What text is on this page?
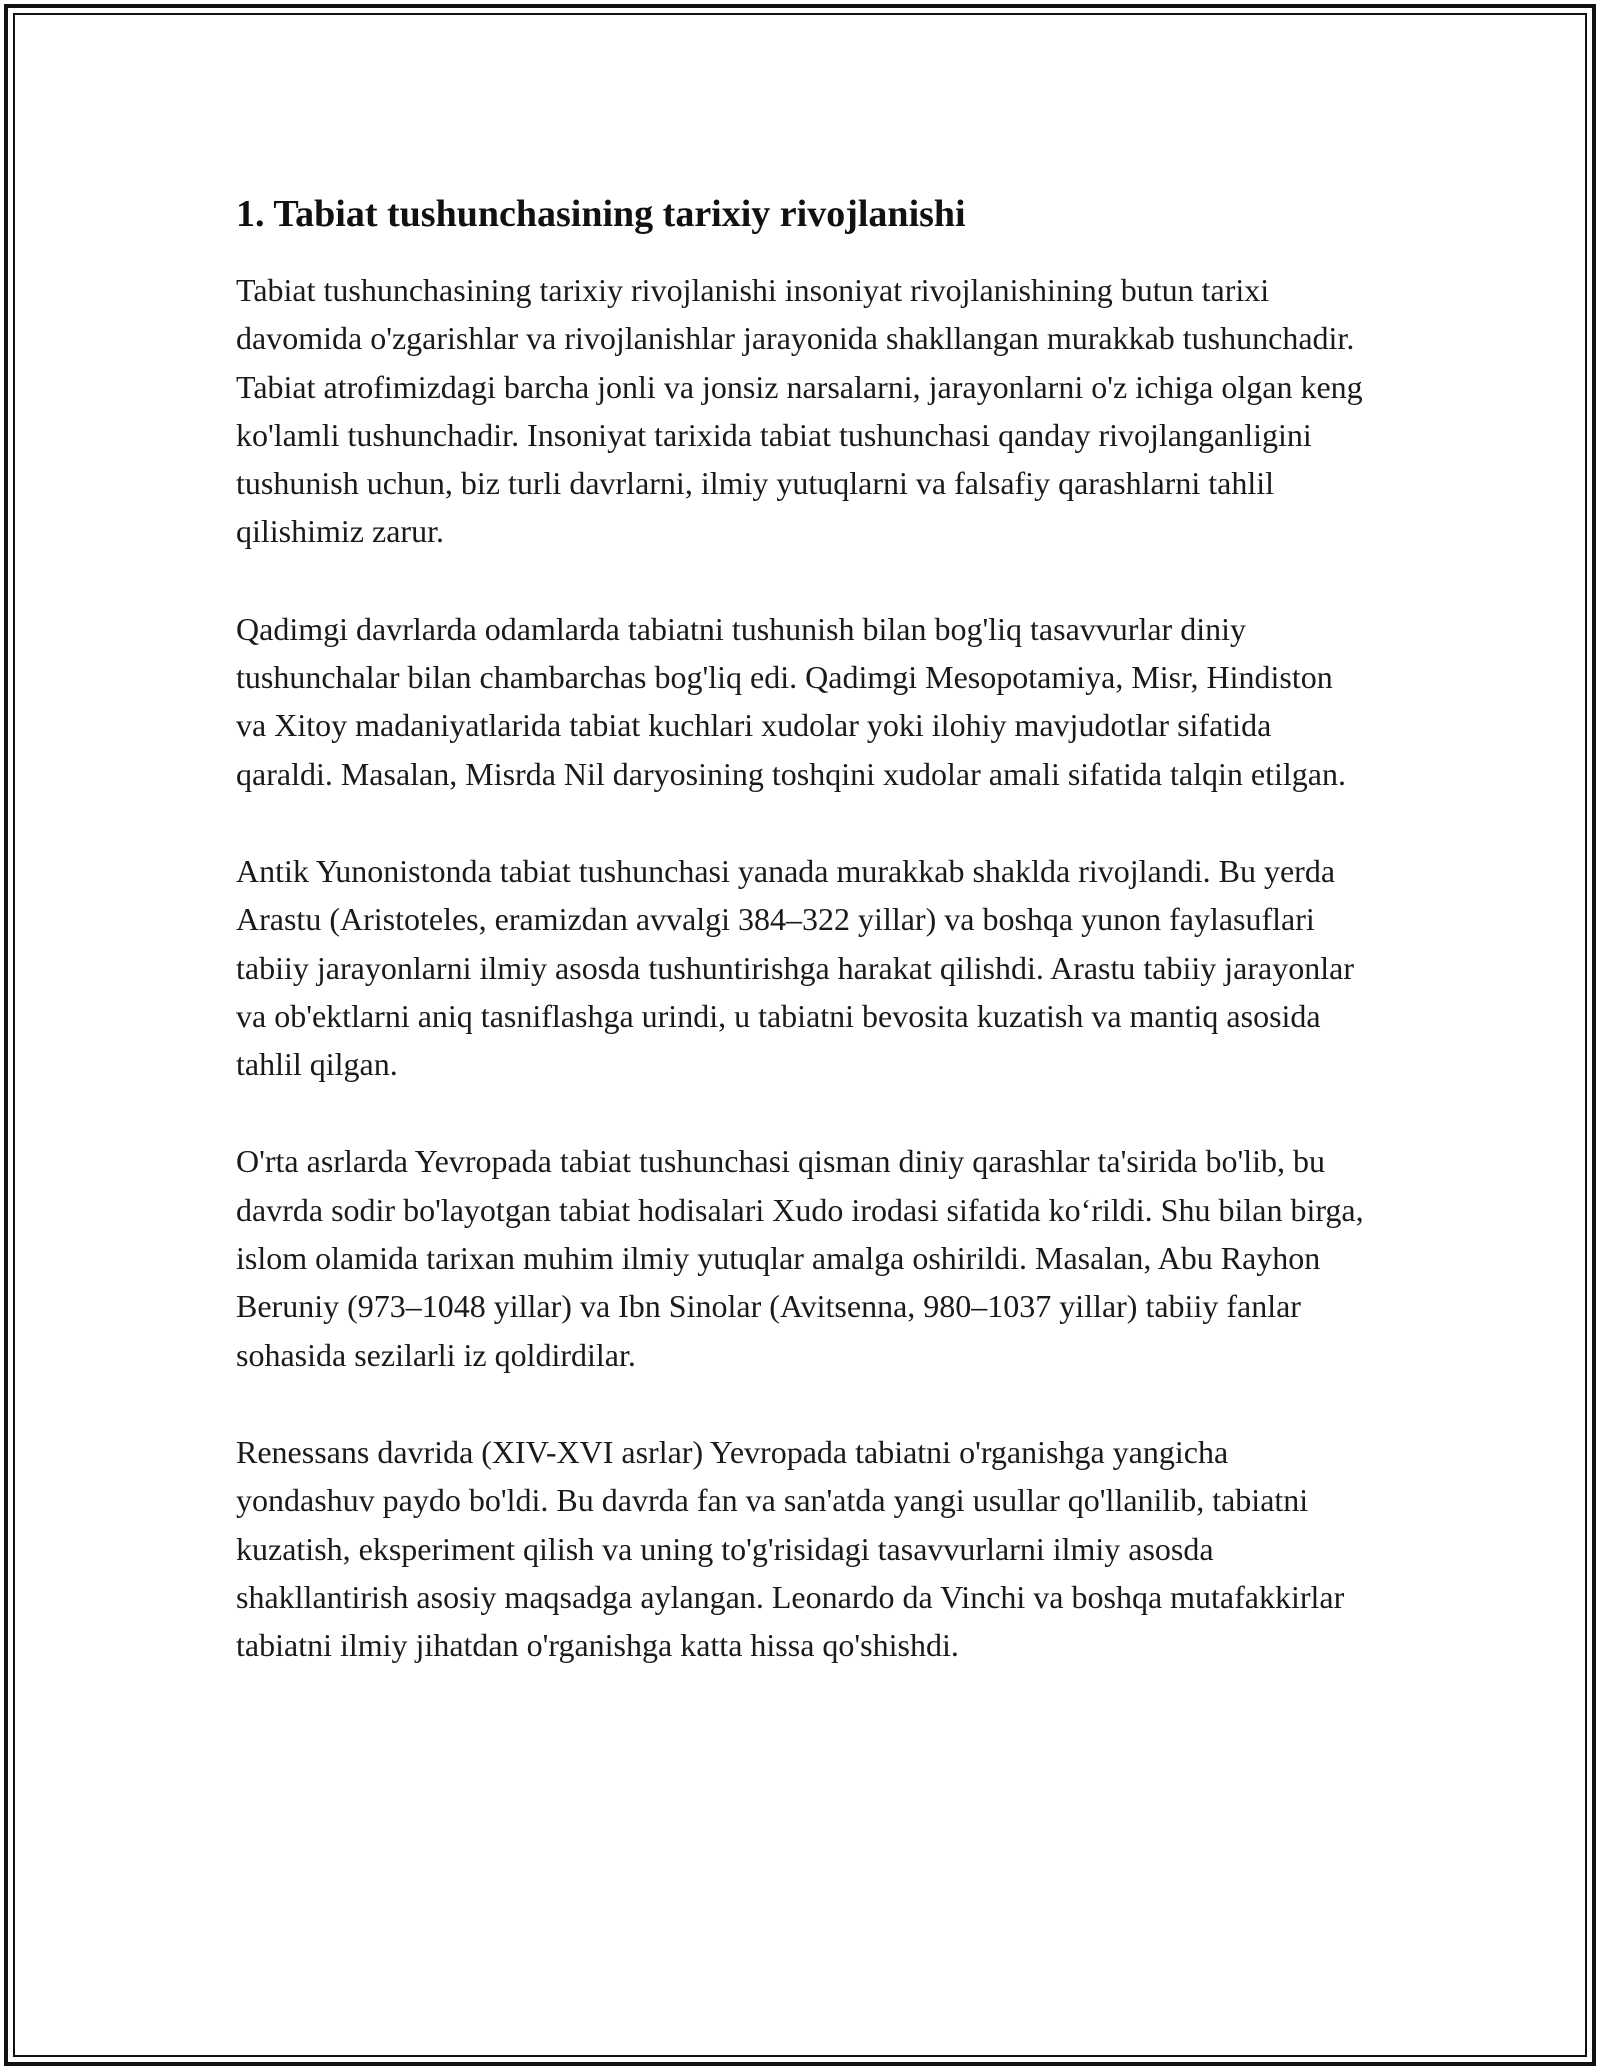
1. Tabiat tushunchasining tarixiy rivojlanishi

Tabiat tushunchasining tarixiy rivojlanishi insoniyat rivojlanishining butun tarixi davomida o'zgarishlar va rivojlanishlar jarayonida shakllangan murakkab tushunchadir. Tabiat atrofimizdagi barcha jonli va jonsiz narsalarni, jarayonlarni o'z ichiga olgan keng ko'lamli tushunchadir. Insoniyat tarixida tabiat tushunchasi qanday rivojlanganligini tushunish uchun, biz turli davrlarni, ilmiy yutuqlarni va falsafiy qarashlarni tahlil qilishimiz zarur.

Qadimgi davrlarda odamlarda tabiatni tushunish bilan bog'liq tasavvurlar diniy tushunchalar bilan chambarchas bog'liq edi. Qadimgi Mesopotamiya, Misr, Hindiston va Xitoy madaniyatlarida tabiat kuchlari xudolar yoki ilohiy mavjudotlar sifatida qaraldi. Masalan, Misrda Nil daryosining toshqini xudolar amali sifatida talqin etilgan.

Antik Yunonistonda tabiat tushunchasi yanada murakkab shaklda rivojlandi. Bu yerda Arastu (Aristoteles, eramizdan avvalgi 384–322 yillar) va boshqa yunon faylasuflari tabiiy jarayonlarni ilmiy asosda tushuntirishga harakat qilishdi. Arastu tabiiy jarayonlar va ob'ektlarni aniq tasniflashga urindi, u tabiatni bevosita kuzatish va mantiq asosida tahlil qilgan.

O'rta asrlarda Yevropada tabiat tushunchasi qisman diniy qarashlar ta'sirida bo'lib, bu davrda sodir bo'layotgan tabiat hodisalari Xudo irodasi sifatida ko‘rildi. Shu bilan birga, islom olamida tarixan muhim ilmiy yutuqlar amalga oshirildi. Masalan, Abu Rayhon Beruniy (973–1048 yillar) va Ibn Sinolar (Avitsenna, 980–1037 yillar) tabiiy fanlar sohasida sezilarli iz qoldirdilar.

Renessans davrida (XIV-XVI asrlar) Yevropada tabiatni o'rganishga yangicha yondashuv paydo bo'ldi. Bu davrda fan va san'atda yangi usullar qo'llanilib, tabiatni kuzatish, eksperiment qilish va uning to'g'risidagi tasavvurlarni ilmiy asosda shakllantirish asosiy maqsadga aylangan. Leonardo da Vinchi va boshqa mutafakkirlar tabiatni ilmiy jihatdan o'rganishga katta hissa qo'shishdi.
